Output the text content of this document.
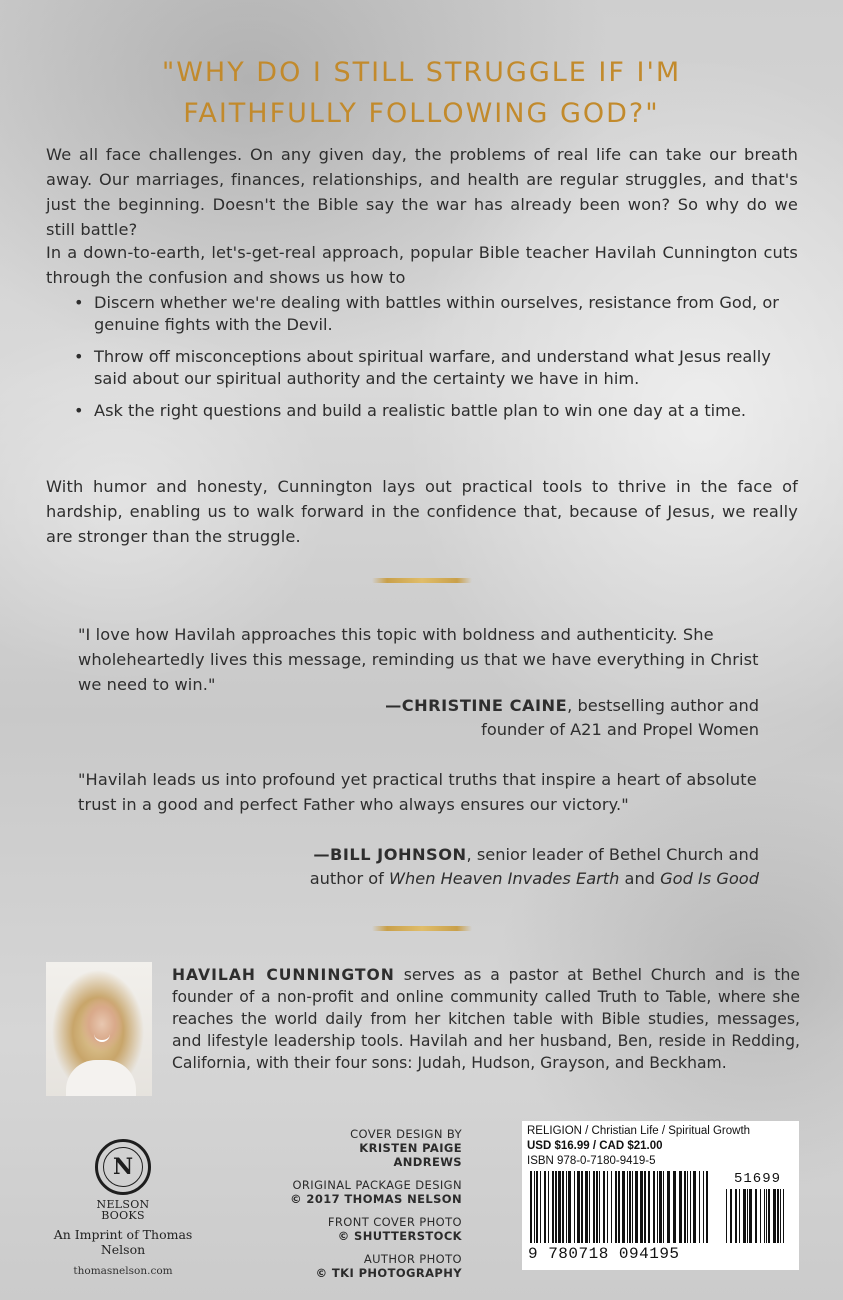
"WHY DO I STILL STRUGGLE IF I'M
FAITHFULLY FOLLOWING GOD?"
We all face challenges. On any given day, the problems of real life can take our breath away. Our marriages, finances, relationships, and health are regular struggles, and that's just the beginning. Doesn't the Bible say the war has already been won? So why do we still battle?
In a down-to-earth, let's-get-real approach, popular Bible teacher Havilah Cunnington cuts through the confusion and shows us how to
• Discern whether we're dealing with battles within ourselves, resistance from God, or genuine fights with the Devil.
• Throw off misconceptions about spiritual warfare, and understand what Jesus really said about our spiritual authority and the certainty we have in him.
• Ask the right questions and build a realistic battle plan to win one day at a time.
With humor and honesty, Cunnington lays out practical tools to thrive in the face of hardship, enabling us to walk forward in the confidence that, because of Jesus, we really are stronger than the struggle.
"I love how Havilah approaches this topic with boldness and authenticity. She wholeheartedly lives this message, reminding us that we have everything in Christ we need to win."
—CHRISTINE CAINE, bestselling author and
founder of A21 and Propel Women
"Havilah leads us into profound yet practical truths that inspire a heart of absolute trust in a good and perfect Father who always ensures our victory."
—BILL JOHNSON, senior leader of Bethel Church and
author of When Heaven Invades Earth and God Is Good
HAVILAH CUNNINGTON serves as a pastor at Bethel Church and is the founder of a non-profit and online community called Truth to Table, where she reaches the world daily from her kitchen table with Bible studies, messages, and lifestyle leadership tools. Havilah and her husband, Ben, reside in Redding, California, with their four sons: Judah, Hudson, Grayson, and Beckham.
N
NELSON
BOOKS
An Imprint of Thomas Nelson
thomasnelson.com
COVER DESIGN BY
KRISTEN PAIGE ANDREWS
ORIGINAL PACKAGE DESIGN
© 2017 THOMAS NELSON
FRONT COVER PHOTO
© SHUTTERSTOCK
AUTHOR PHOTO
© TKI PHOTOGRAPHY
RELIGION / Christian Life / Spiritual Growth
USD $16.99 / CAD $21.00
ISBN 978-0-7180-9419-5
51699
9 780718 094195
